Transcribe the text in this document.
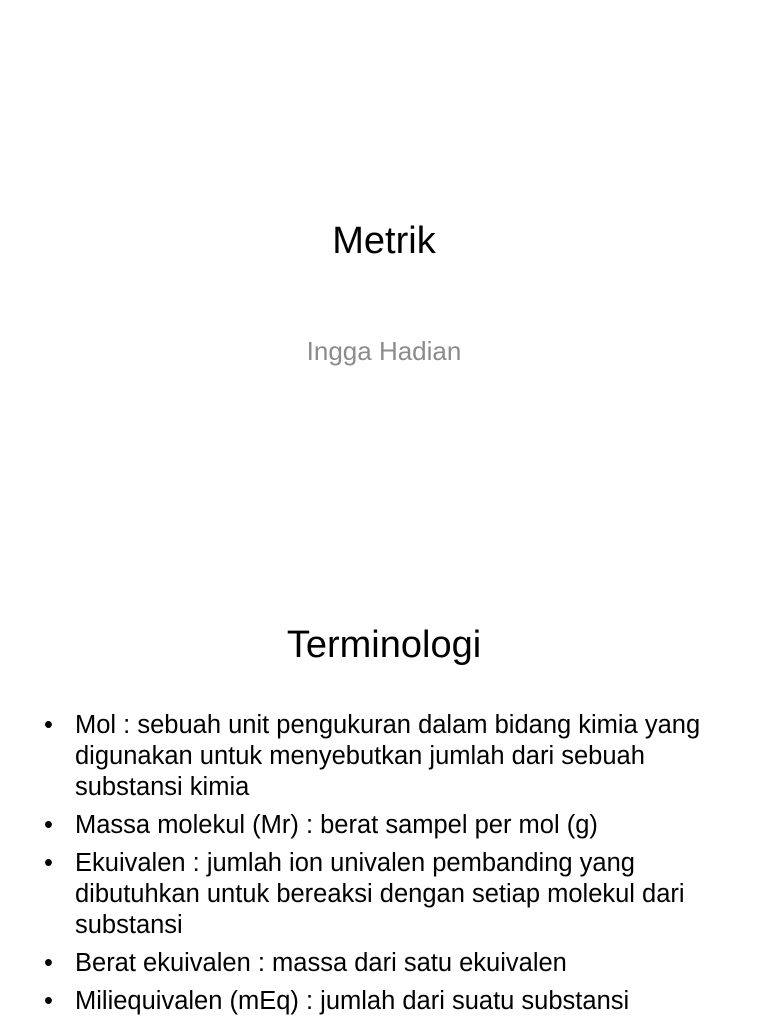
Metrik
Ingga Hadian
Terminologi
• Mol : sebuah unit pengukuran dalam bidang kimia yang digunakan untuk menyebutkan jumlah dari sebuah substansi kimia
• Massa molekul (Mr) : berat sampel per mol (g)
• Ekuivalen : jumlah ion univalen pembanding yang dibutuhkan untuk bereaksi dengan setiap molekul dari substansi
• Berat ekuivalen : massa dari satu ekuivalen
• Miliequivalen (mEq) : jumlah dari suatu substansi
